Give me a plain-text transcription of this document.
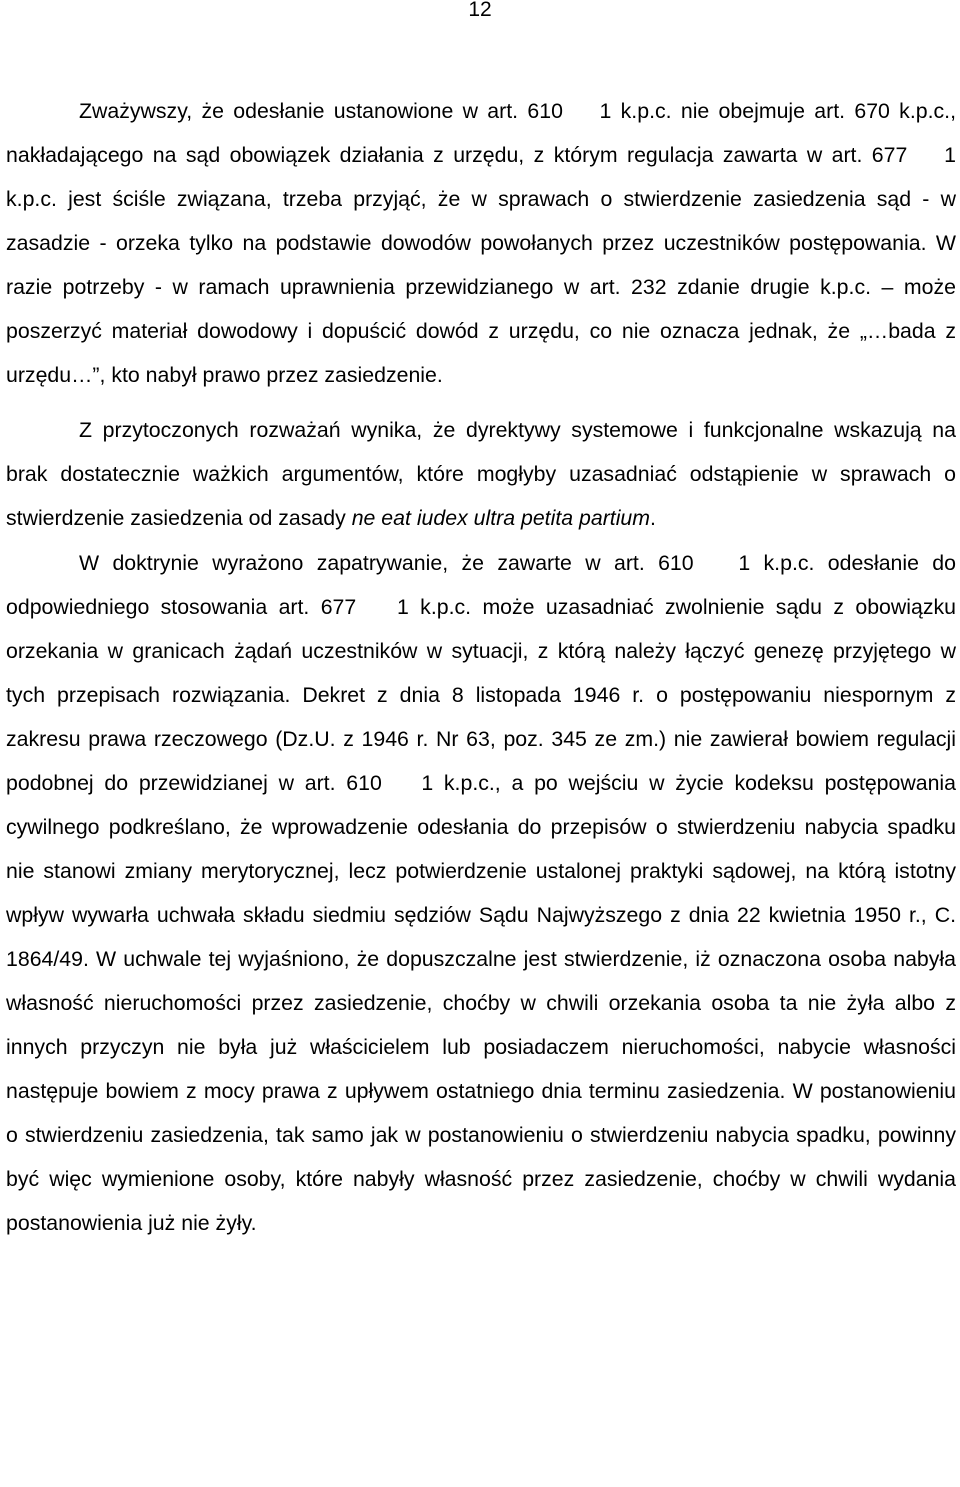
12

Zważywszy, że odesłanie ustanowione w art. 610  1 k.p.c. nie obejmuje art. 670 k.p.c., nakładającego na sąd obowiązek działania z urzędu, z którym regulacja zawarta w art. 677  1 k.p.c. jest ściśle związana, trzeba przyjąć, że w sprawach o stwierdzenie zasiedzenia sąd - w zasadzie - orzeka tylko na podstawie dowodów powołanych przez uczestników postępowania. W razie potrzeby - w ramach uprawnienia przewidzianego w art. 232 zdanie drugie k.p.c. – może poszerzyć materiał dowodowy i dopuścić dowód z urzędu, co nie oznacza jednak, że „…bada z urzędu…”, kto nabył prawo przez zasiedzenie.

Z przytoczonych rozważań wynika, że dyrektywy systemowe i funkcjonalne wskazują na brak dostatecznie ważkich argumentów, które mogłyby uzasadniać odstąpienie w sprawach o stwierdzenie zasiedzenia od zasady ne eat iudex ultra petita partium.

W doktrynie wyrażono zapatrywanie, że zawarte w art. 610  1 k.p.c. odesłanie do odpowiedniego stosowania art. 677  1 k.p.c. może uzasadniać zwolnienie sądu z obowiązku orzekania w granicach żądań uczestników w sytuacji, z którą należy łączyć genezę przyjętego w tych przepisach rozwiązania. Dekret z dnia 8 listopada 1946 r. o postępowaniu niespornym z zakresu prawa rzeczowego (Dz.U. z 1946 r. Nr 63, poz. 345 ze zm.) nie zawierał bowiem regulacji podobnej do przewidzianej w art. 610  1 k.p.c., a po wejściu w życie kodeksu postępowania cywilnego podkreślano, że wprowadzenie odesłania do przepisów o stwierdzeniu nabycia spadku nie stanowi zmiany merytorycznej, lecz potwierdzenie ustalonej praktyki sądowej, na którą istotny wpływ wywarła uchwała składu siedmiu sędziów Sądu Najwyższego z dnia 22 kwietnia 1950 r., C. 1864/49. W uchwale tej wyjaśniono, że dopuszczalne jest stwierdzenie, iż oznaczona osoba nabyła własność nieruchomości przez zasiedzenie, choćby w chwili orzekania osoba ta nie żyła albo z innych przyczyn nie była już właścicielem lub posiadaczem nieruchomości, nabycie własności następuje bowiem z mocy prawa z upływem ostatniego dnia terminu zasiedzenia. W postanowieniu o stwierdzeniu zasiedzenia, tak samo jak w postanowieniu o stwierdzeniu nabycia spadku, powinny być więc wymienione osoby, które nabyły własność przez zasiedzenie, choćby w chwili wydania postanowienia już nie żyły.
